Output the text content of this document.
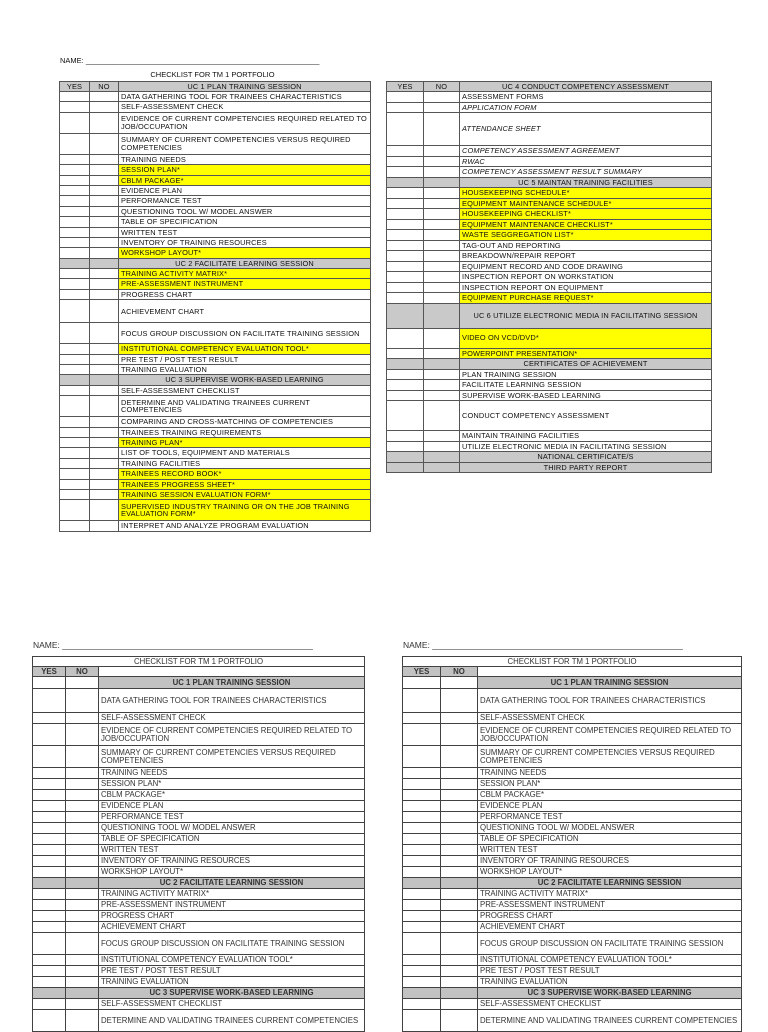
NAME: ________________________________________________________
CHECKLIST FOR TM 1 PORTFOLIO
YES	NO	UC 1 PLAN TRAINING SESSION
		DATA GATHERING TOOL FOR TRAINEES CHARACTERISTICS
		SELF-ASSESSMENT CHECK
		EVIDENCE OF CURRENT COMPETENCIES REQUIRED RELATED TO JOB/OCCUPATION
		SUMMARY OF CURRENT COMPETENCIES VERSUS REQUIRED COMPETENCIES
		TRAINING NEEDS
		SESSION PLAN*
		CBLM PACKAGE*
		EVIDENCE PLAN
		PERFORMANCE TEST
		QUESTIONING TOOL W/ MODEL ANSWER
		TABLE OF SPECIFICATION
		WRITTEN TEST
		INVENTORY OF TRAINING RESOURCES
		WORKSHOP LAYOUT*
		UC 2 FACILITATE LEARNING SESSION
		TRAINING ACTIVITY MATRIX*
		PRE-ASSESSMENT INSTRUMENT
		PROGRESS CHART
		ACHIEVEMENT CHART
		FOCUS GROUP DISCUSSION ON FACILITATE TRAINING SESSION
		INSTITUTIONAL COMPETENCY EVALUATION TOOL*
		PRE TEST / POST TEST RESULT
		TRAINING EVALUATION
		UC 3 SUPERVISE WORK-BASED LEARNING
		SELF-ASSESSMENT CHECKLIST
		DETERMINE AND VALIDATING TRAINEES CURRENT COMPETENCIES
		COMPARING AND CROSS-MATCHING OF COMPETENCIES
		TRAINEES TRAINING REQUIREMENTS
		TRAINING PLAN*
		LIST OF TOOLS, EQUIPMENT AND MATERIALS
		TRAINING FACILITIES
		TRAINEES RECORD BOOK*
		TRAINEES PROGRESS SHEET*
		TRAINING SESSION EVALUATION FORM*
		SUPERVISED INDUSTRY TRAINING OR ON THE JOB TRAINING EVALUATION FORM*
		INTERPRET AND ANALYZE PROGRAM EVALUATION
YES	NO	UC 4 CONDUCT COMPETENCY ASSESSMENT
		ASSESSMENT FORMS
		APPLICATION FORM
		ATTENDANCE SHEET
		COMPETENCY ASSESSMENT AGREEMENT
		RWAC
		COMPETENCY ASSESSMENT RESULT SUMMARY
		UC 5 MAINTAN TRAINING FACILITIES
		HOUSEKEEPING SCHEDULE*
		EQUIPMENT MAINTENANCE SCHEDULE*
		HOUSEKEEPING CHECKLIST*
		EQUIPMENT MAINTENANCE CHECKLIST*
		WASTE SEGGREGATION LIST*
		TAG-OUT AND REPORTING
		BREAKDOWN/REPAIR REPORT
		EQUIPMENT RECORD AND CODE DRAWING
		INSPECTION REPORT ON WORKSTATION
		INSPECTION REPORT ON EQUIPMENT
		EQUIPMENT PURCHASE REQUEST*
		UC 6 UTILIZE ELECTRONIC MEDIA IN FACILITATING SESSION
		VIDEO ON VCD/DVD*
		POWERPOINT PRESENTATION*
		CERTIFICATES OF ACHIEVEMENT
		PLAN TRAINING SESSION
		FACILITATE LEARNING SESSION
		SUPERVISE WORK-BASED LEARNING
		CONDUCT COMPETENCY ASSESSMENT
		MAINTAIN TRAINING FACILITIES
		UTILIZE ELECTRONIC MEDIA IN FACILITATING SESSION
		NATIONAL CERTIFICATE/S
		THIRD PARTY REPORT
NAME: _____________________________________________________	NAME: _____________________________________________________
CHECKLIST FOR TM 1 PORTFOLIO		
YES	NO	
		UC 1 PLAN TRAINING SESSION
		DATA GATHERING TOOL FOR TRAINEES CHARACTERISTICS
		SELF-ASSESSMENT CHECK
		EVIDENCE OF CURRENT COMPETENCIES REQUIRED RELATED TO JOB/OCCUPATION
		SUMMARY OF CURRENT COMPETENCIES VERSUS REQUIRED COMPETENCIES
		TRAINING NEEDS
		SESSION PLAN*
		CBLM PACKAGE*
		EVIDENCE PLAN
		PERFORMANCE TEST
		QUESTIONING TOOL W/ MODEL ANSWER
		TABLE OF SPECIFICATION
		WRITTEN TEST
		INVENTORY OF TRAINING RESOURCES
		WORKSHOP LAYOUT*
		UC 2 FACILITATE LEARNING SESSION
		TRAINING ACTIVITY MATRIX*
		PRE-ASSESSMENT INSTRUMENT
		PROGRESS CHART
		ACHIEVEMENT CHART
		FOCUS GROUP DISCUSSION ON FACILITATE TRAINING SESSION
		INSTITUTIONAL COMPETENCY EVALUATION TOOL*
		PRE TEST / POST TEST RESULT
		TRAINING EVALUATION
		UC 3 SUPERVISE WORK-BASED LEARNING
		SELF-ASSESSMENT CHECKLIST
		DETERMINE AND VALIDATING TRAINEES CURRENT COMPETENCIES
CHECKLIST FOR TM 1 PORTFOLIO		
YES	NO	
		UC 1 PLAN TRAINING SESSION
		DATA GATHERING TOOL FOR TRAINEES CHARACTERISTICS
		SELF-ASSESSMENT CHECK
		EVIDENCE OF CURRENT COMPETENCIES REQUIRED RELATED TO JOB/OCCUPATION
		SUMMARY OF CURRENT COMPETENCIES VERSUS REQUIRED COMPETENCIES
		TRAINING NEEDS
		SESSION PLAN*
		CBLM PACKAGE*
		EVIDENCE PLAN
		PERFORMANCE TEST
		QUESTIONING TOOL W/ MODEL ANSWER
		TABLE OF SPECIFICATION
		WRITTEN TEST
		INVENTORY OF TRAINING RESOURCES
		WORKSHOP LAYOUT*
		UC 2 FACILITATE LEARNING SESSION
		TRAINING ACTIVITY MATRIX*
		PRE-ASSESSMENT INSTRUMENT
		PROGRESS CHART
		ACHIEVEMENT CHART
		FOCUS GROUP DISCUSSION ON FACILITATE TRAINING SESSION
		INSTITUTIONAL COMPETENCY EVALUATION TOOL*
		PRE TEST / POST TEST RESULT
		TRAINING EVALUATION
		UC 3 SUPERVISE WORK-BASED LEARNING
		SELF-ASSESSMENT CHECKLIST
		DETERMINE AND VALIDATING TRAINEES CURRENT COMPETENCIES
